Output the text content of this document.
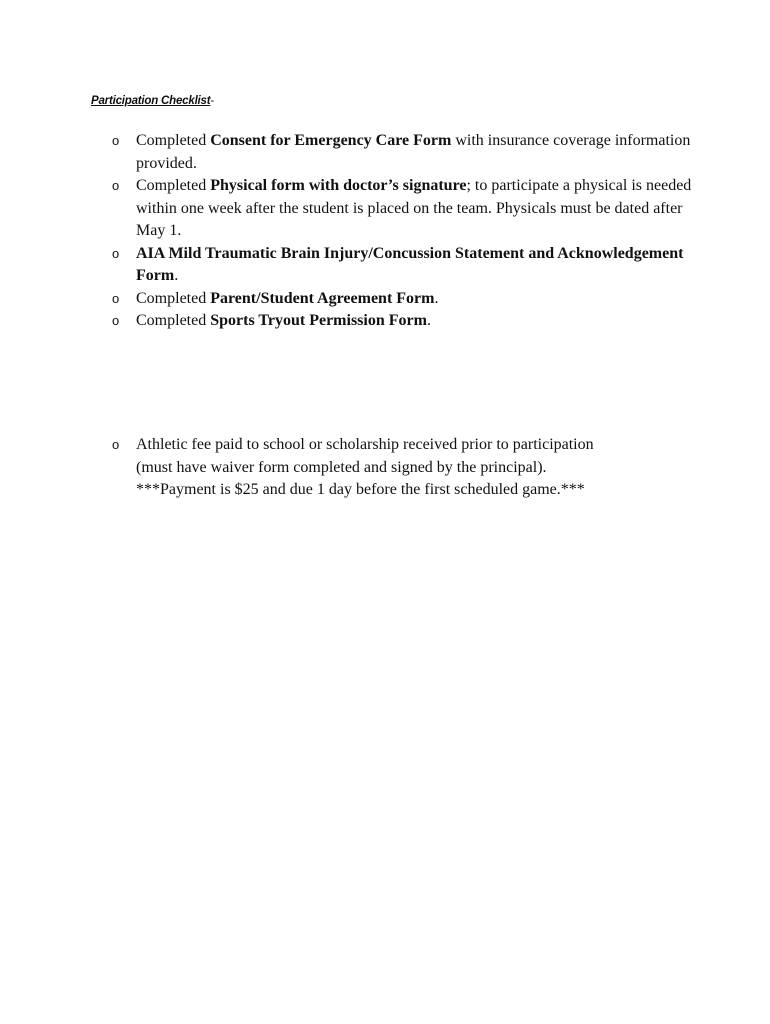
Participation Checklist-
o Completed Consent for Emergency Care Form with insurance coverage information provided.
o Completed Physical form with doctor’s signature; to participate a physical is needed within one week after the student is placed on the team. Physicals must be dated after May 1.
o AIA Mild Traumatic Brain Injury/Concussion Statement and Acknowledgement Form.
o Completed Parent/Student Agreement Form.
o Completed Sports Tryout Permission Form.
o Athletic fee paid to school or scholarship received prior to participation
(must have waiver form completed and signed by the principal).
***Payment is $25 and due 1 day before the first scheduled game.***
